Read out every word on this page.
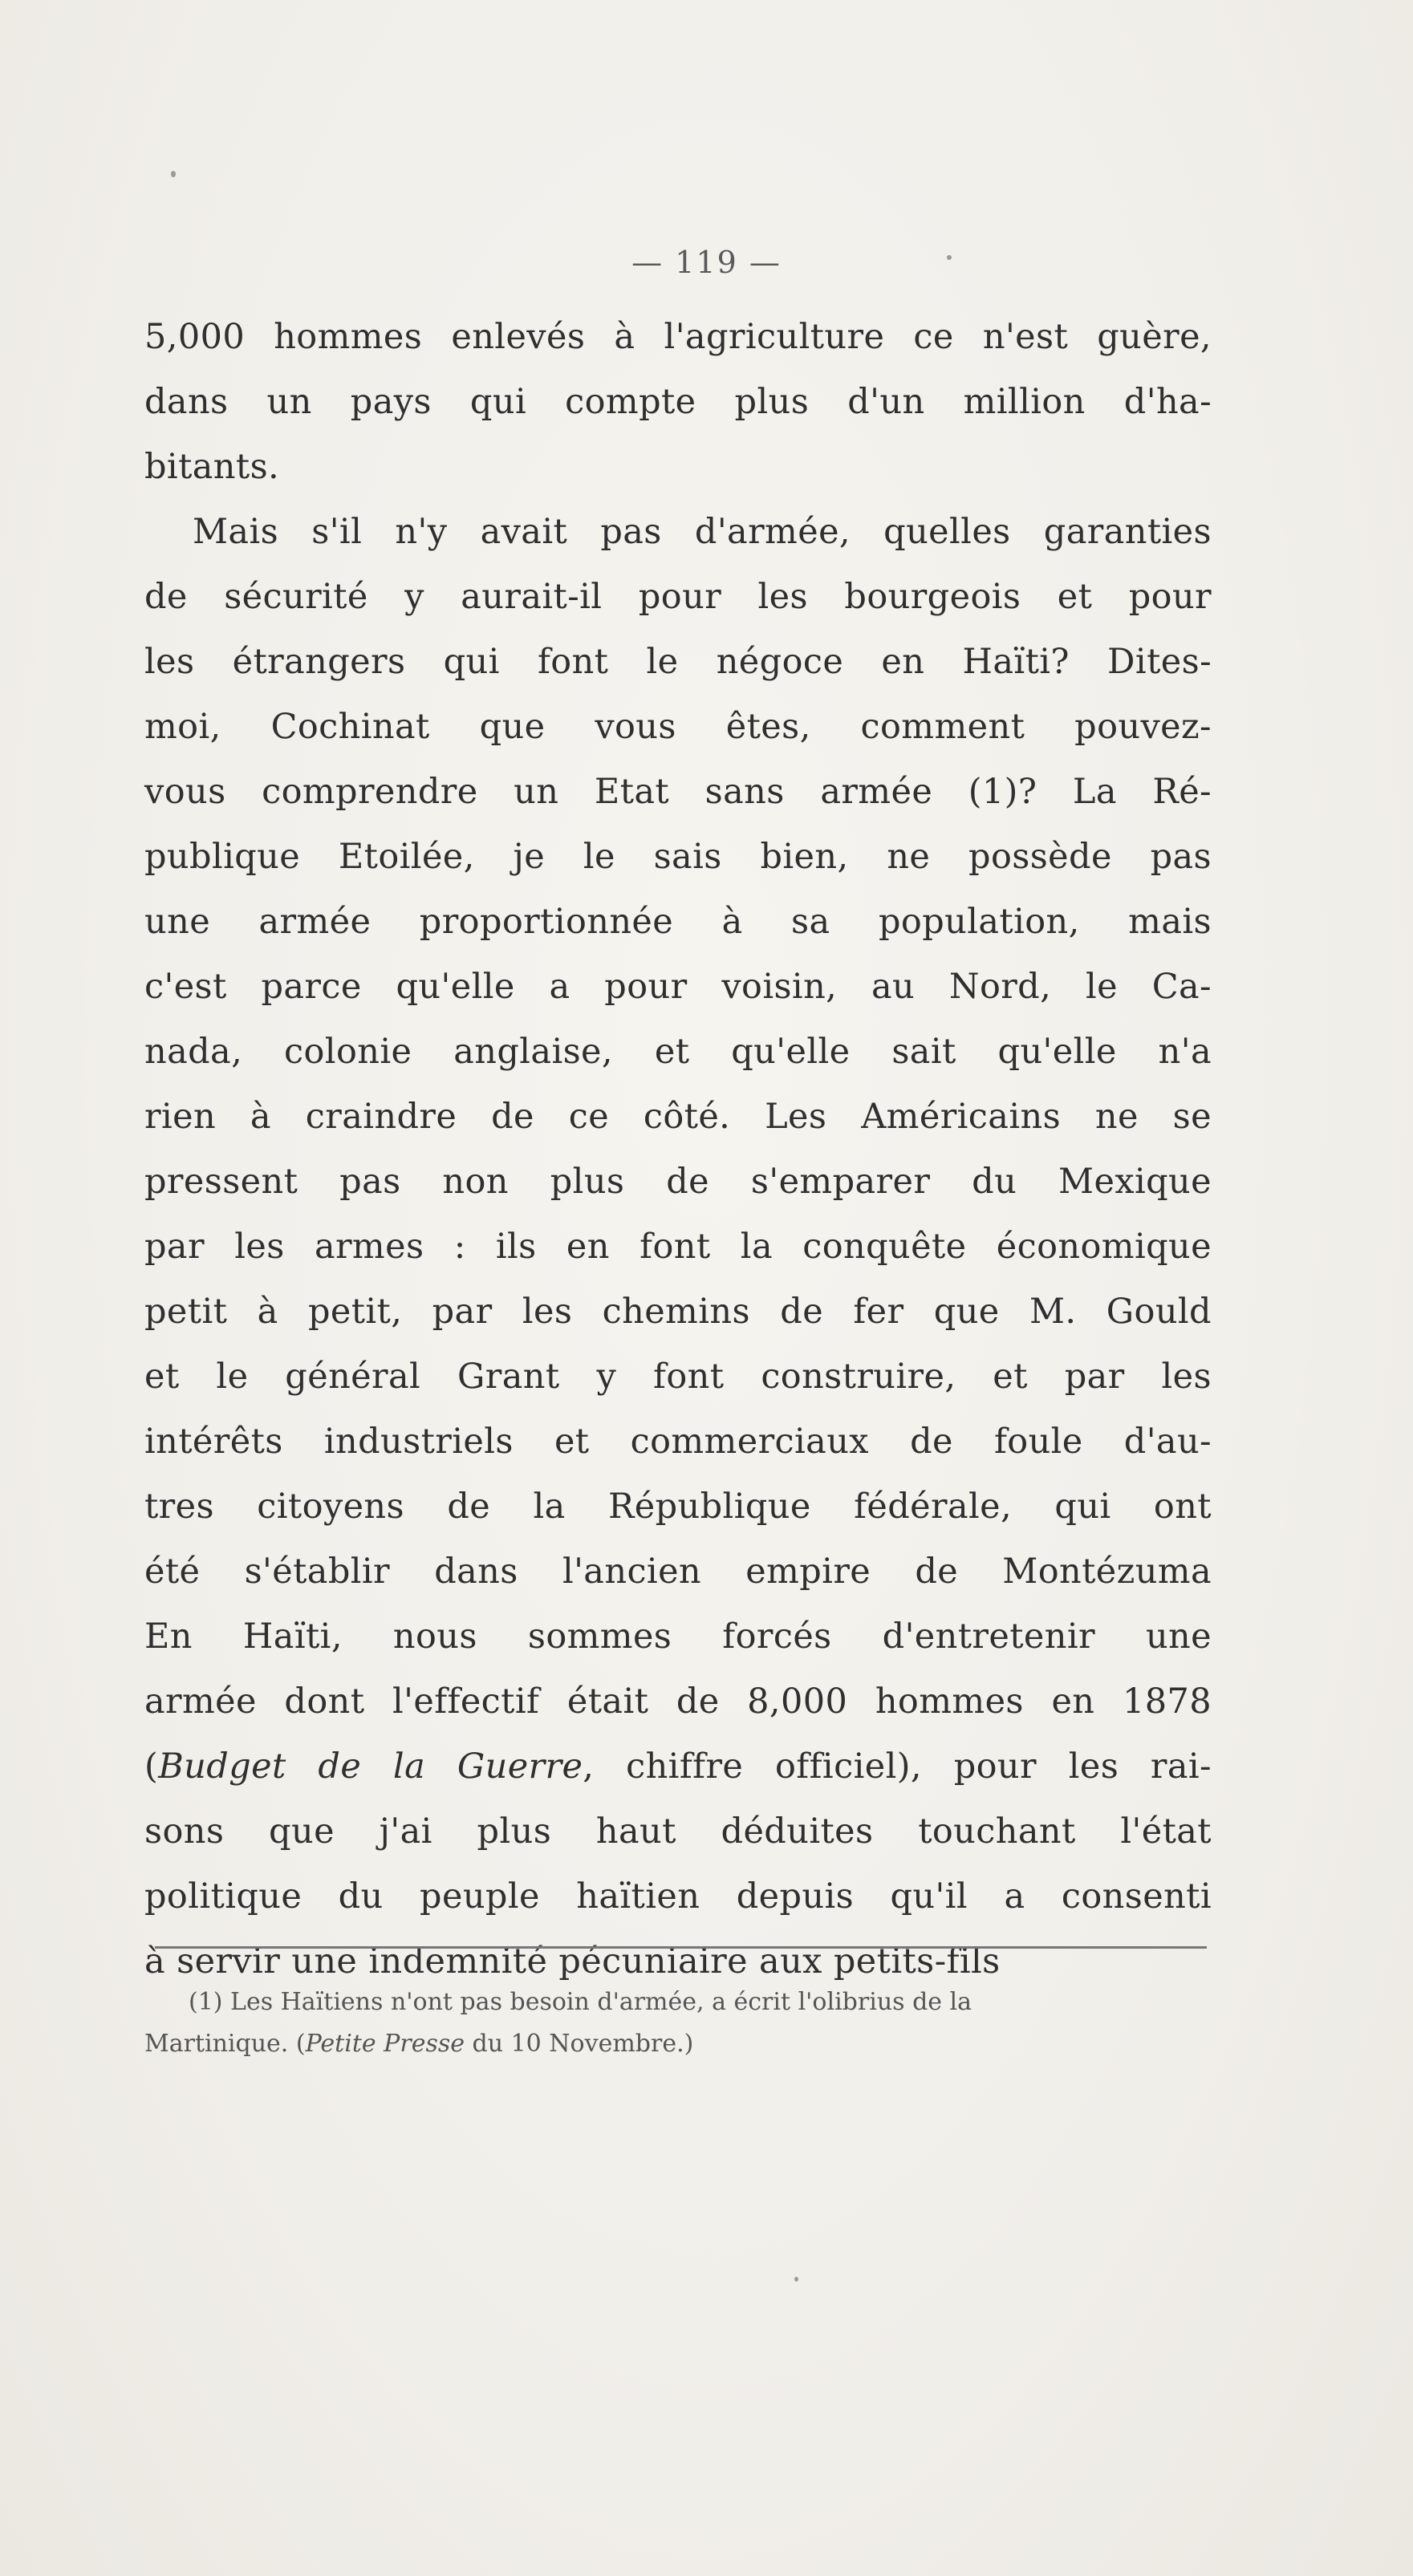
— 119 —
5,000 hommes enlevés à l'agriculture ce n'est guère,
dans un pays qui compte plus d'un million d'ha-
bitants.
Mais s'il n'y avait pas d'armée, quelles garanties
de sécurité y aurait-il pour les bourgeois et pour
les étrangers qui font le négoce en Haïti? Dites-
moi, Cochinat que vous êtes, comment pouvez-
vous comprendre un Etat sans armée (1)? La Ré-
publique Etoilée, je le sais bien, ne possède pas
une armée proportionnée à sa population, mais
c'est parce qu'elle a pour voisin, au Nord, le Ca-
nada, colonie anglaise, et qu'elle sait qu'elle n'a
rien à craindre de ce côté. Les Américains ne se
pressent pas non plus de s'emparer du Mexique
par les armes : ils en font la conquête économique
petit à petit, par les chemins de fer que M. Gould
et le général Grant y font construire, et par les
intérêts industriels et commerciaux de foule d'au-
tres citoyens de la République fédérale, qui ont
été s'établir dans l'ancien empire de Montézuma
En Haïti, nous sommes forcés d'entretenir une
armée dont l'effectif était de 8,000 hommes en 1878
(Budget de la Guerre, chiffre officiel), pour les rai-
sons que j'ai plus haut déduites touchant l'état
politique du peuple haïtien depuis qu'il a consenti
à servir une indemnité pécuniaire aux petits-fils
(1) Les Haïtiens n'ont pas besoin d'armée, a écrit l'olibrius de la
Martinique. (Petite Presse du 10 Novembre.)
